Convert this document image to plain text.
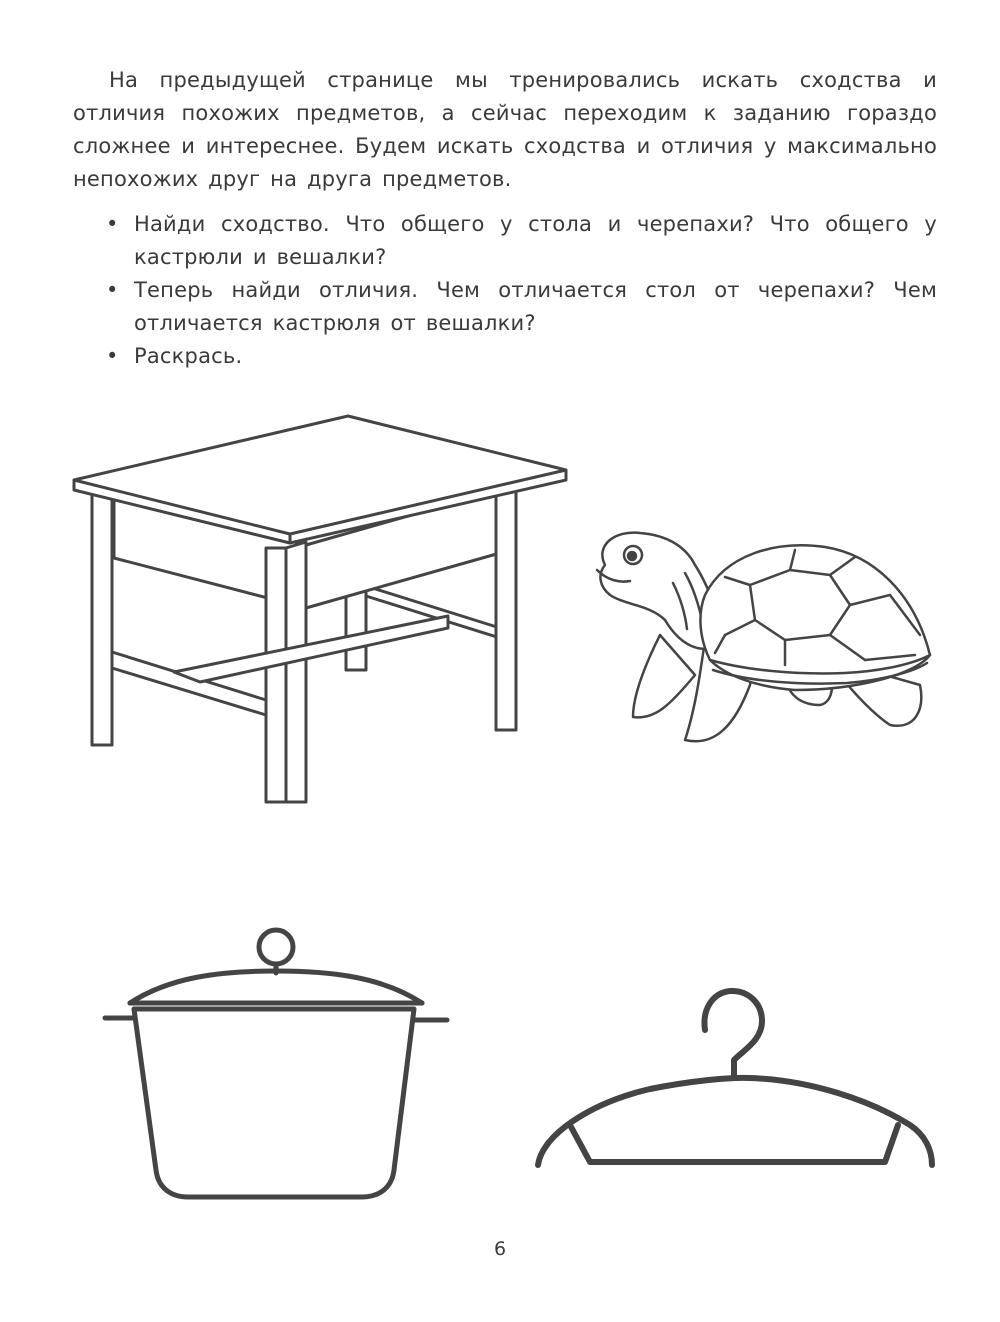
На предыдущей странице мы тренировались искать сходства и отличия похожих предметов, а сейчас переходим к заданию гораздо сложнее и интереснее. Будем искать сходства и отличия у максимально непохожих друг на друга предметов.

• Найди сходство. Что общего у стола и черепахи? Что общего у кастрюли и вешалки?
• Теперь найди отличия. Чем отличается стол от черепахи? Чем отличается кастрюля от вешалки?
• Раскрась.
6
